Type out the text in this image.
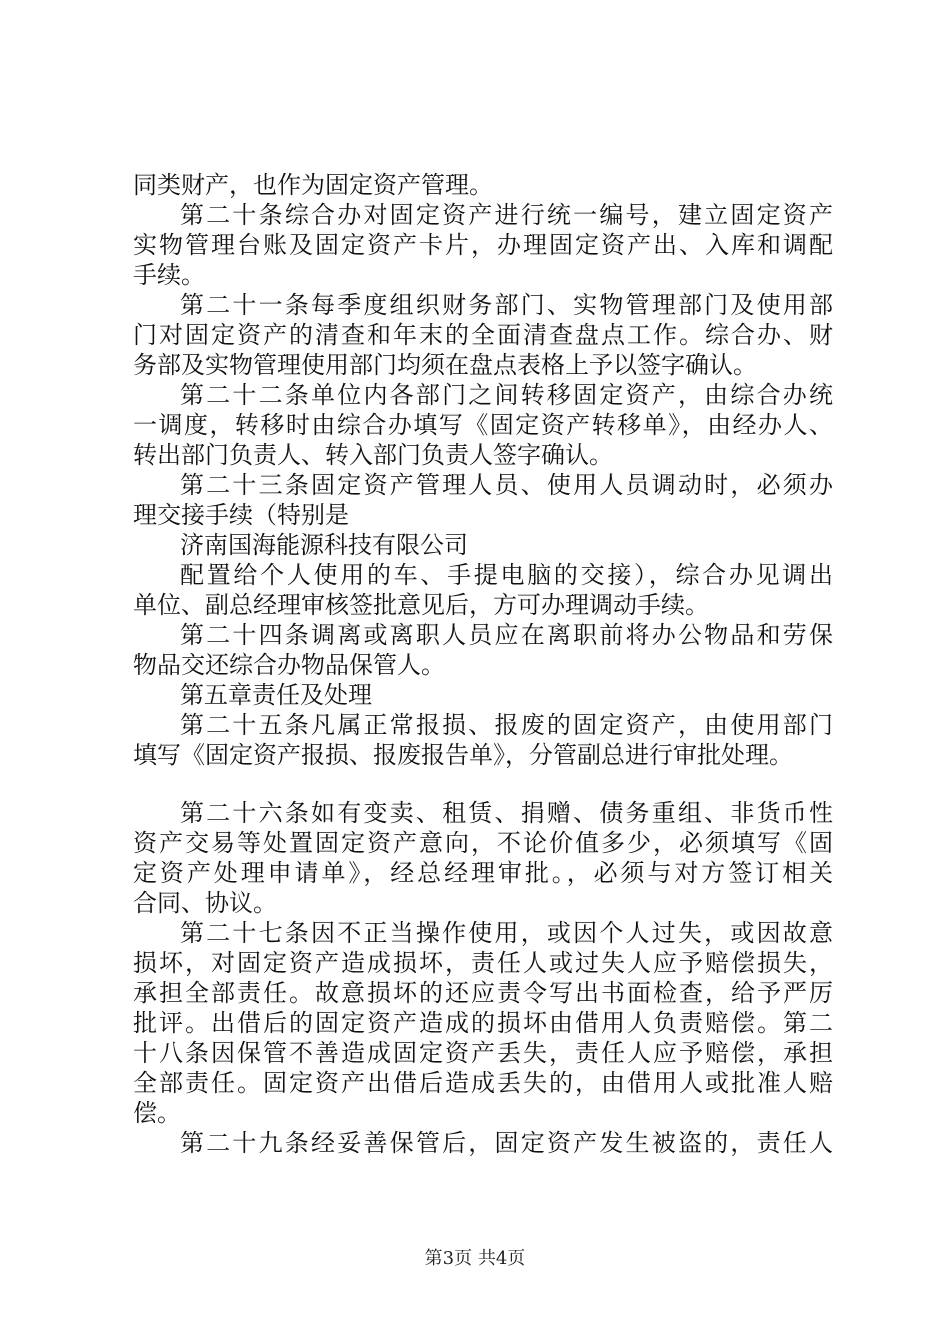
同类财产，也作为固定资产管理。
第二十条综合办对固定资产进行统一编号，建立固定资产
实物管理台账及固定资产卡片，办理固定资产出、入库和调配
手续。
第二十一条每季度组织财务部门、实物管理部门及使用部
门对固定资产的清查和年末的全面清查盘点工作。综合办、财
务部及实物管理使用部门均须在盘点表格上予以签字确认。
第二十二条单位内各部门之间转移固定资产，由综合办统
一调度，转移时由综合办填写《固定资产转移单》，由经办人、
转出部门负责人、转入部门负责人签字确认。
第二十三条固定资产管理人员、使用人员调动时，必须办
理交接手续（特别是
济南国海能源科技有限公司
配置给个人使用的车、手提电脑的交接），综合办见调出
单位、副总经理审核签批意见后，方可办理调动手续。
第二十四条调离或离职人员应在离职前将办公物品和劳保
物品交还综合办物品保管人。
第五章责任及处理
第二十五条凡属正常报损、报废的固定资产，由使用部门
填写《固定资产报损、报废报告单》，分管副总进行审批处理。
第二十六条如有变卖、租赁、捐赠、债务重组、非货币性
资产交易等处置固定资产意向，不论价值多少，必须填写《固
定资产处理申请单》，经总经理审批。，必须与对方签订相关
合同、协议。
第二十七条因不正当操作使用，或因个人过失，或因故意
损坏，对固定资产造成损坏，责任人或过失人应予赔偿损失，
承担全部责任。故意损坏的还应责令写出书面检查，给予严厉
批评。出借后的固定资产造成的损坏由借用人负责赔偿。第二
十八条因保管不善造成固定资产丢失，责任人应予赔偿，承担
全部责任。固定资产出借后造成丢失的，由借用人或批准人赔
偿。
第二十九条经妥善保管后，固定资产发生被盗的，责任人
第3页 共4页
